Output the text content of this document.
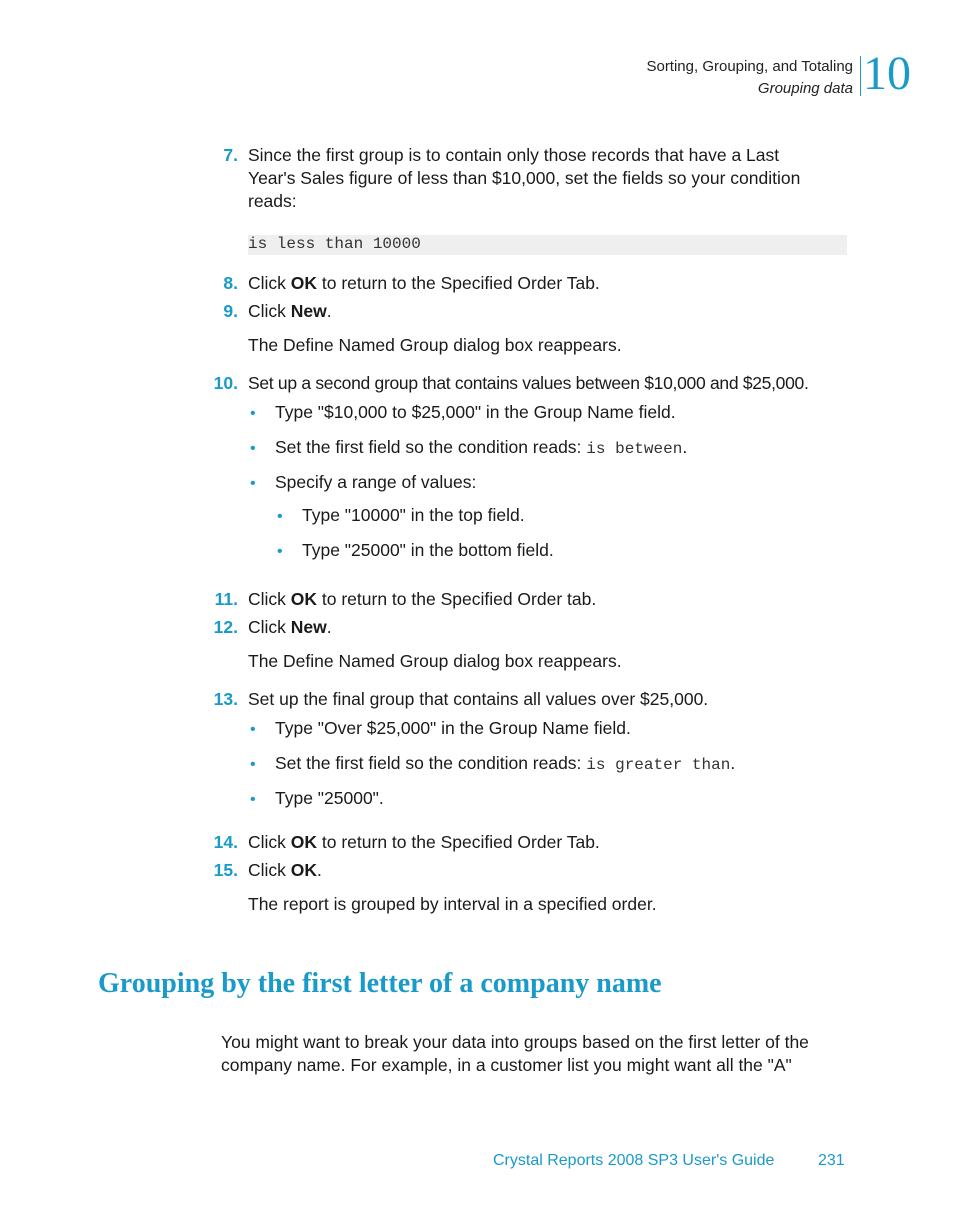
Sorting, Grouping, and Totaling
Grouping data 10
7. Since the first group is to contain only those records that have a Last
Year's Sales figure of less than $10,000, set the fields so your condition
reads:
is less than 10000
8. Click OK to return to the Specified Order Tab.
9. Click New.
The Define Named Group dialog box reappears.
10. Set up a second group that contains values between $10,000 and $25,000.
• Type "$10,000 to $25,000" in the Group Name field.
• Set the first field so the condition reads: is between.
• Specify a range of values:
• Type "10000" in the top field.
• Type "25000" in the bottom field.
11. Click OK to return to the Specified Order tab.
12. Click New.
The Define Named Group dialog box reappears.
13. Set up the final group that contains all values over $25,000.
• Type "Over $25,000" in the Group Name field.
• Set the first field so the condition reads: is greater than.
• Type "25000".
14. Click OK to return to the Specified Order Tab.
15. Click OK.
The report is grouped by interval in a specified order.
Grouping by the first letter of a company name
You might want to break your data into groups based on the first letter of the
company name. For example, in a customer list you might want all the "A"
Crystal Reports 2008 SP3 User's Guide	231
